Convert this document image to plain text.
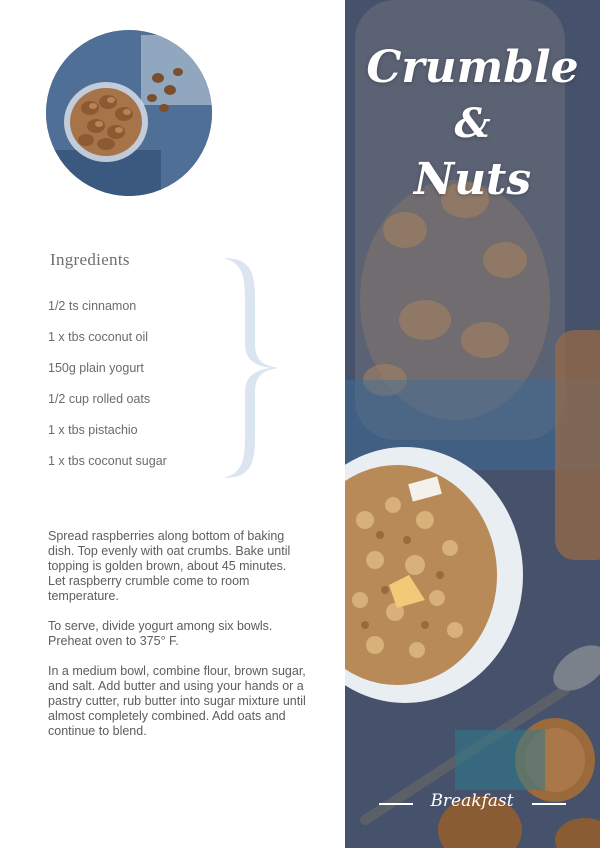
Ingredients
1/2 ts cinnamon
1 x tbs coconut oil
150g plain yogurt
1/2 cup rolled oats
1 x tbs pistachio
1 x tbs coconut sugar

Spread raspberries along bottom of baking dish. Top evenly with oat crumbs. Bake until topping is golden brown, about 45 minutes. Let raspberry crumble come to room temperature.

To serve, divide yogurt among six bowls. Preheat oven to 375° F.

In a medium bowl, combine flour, brown sugar, and salt. Add butter and using your hands or a pastry cutter, rub butter into sugar mixture until almost completely combined. Add oats and continue to blend.

Crumble
&
Nuts
Breakfast
